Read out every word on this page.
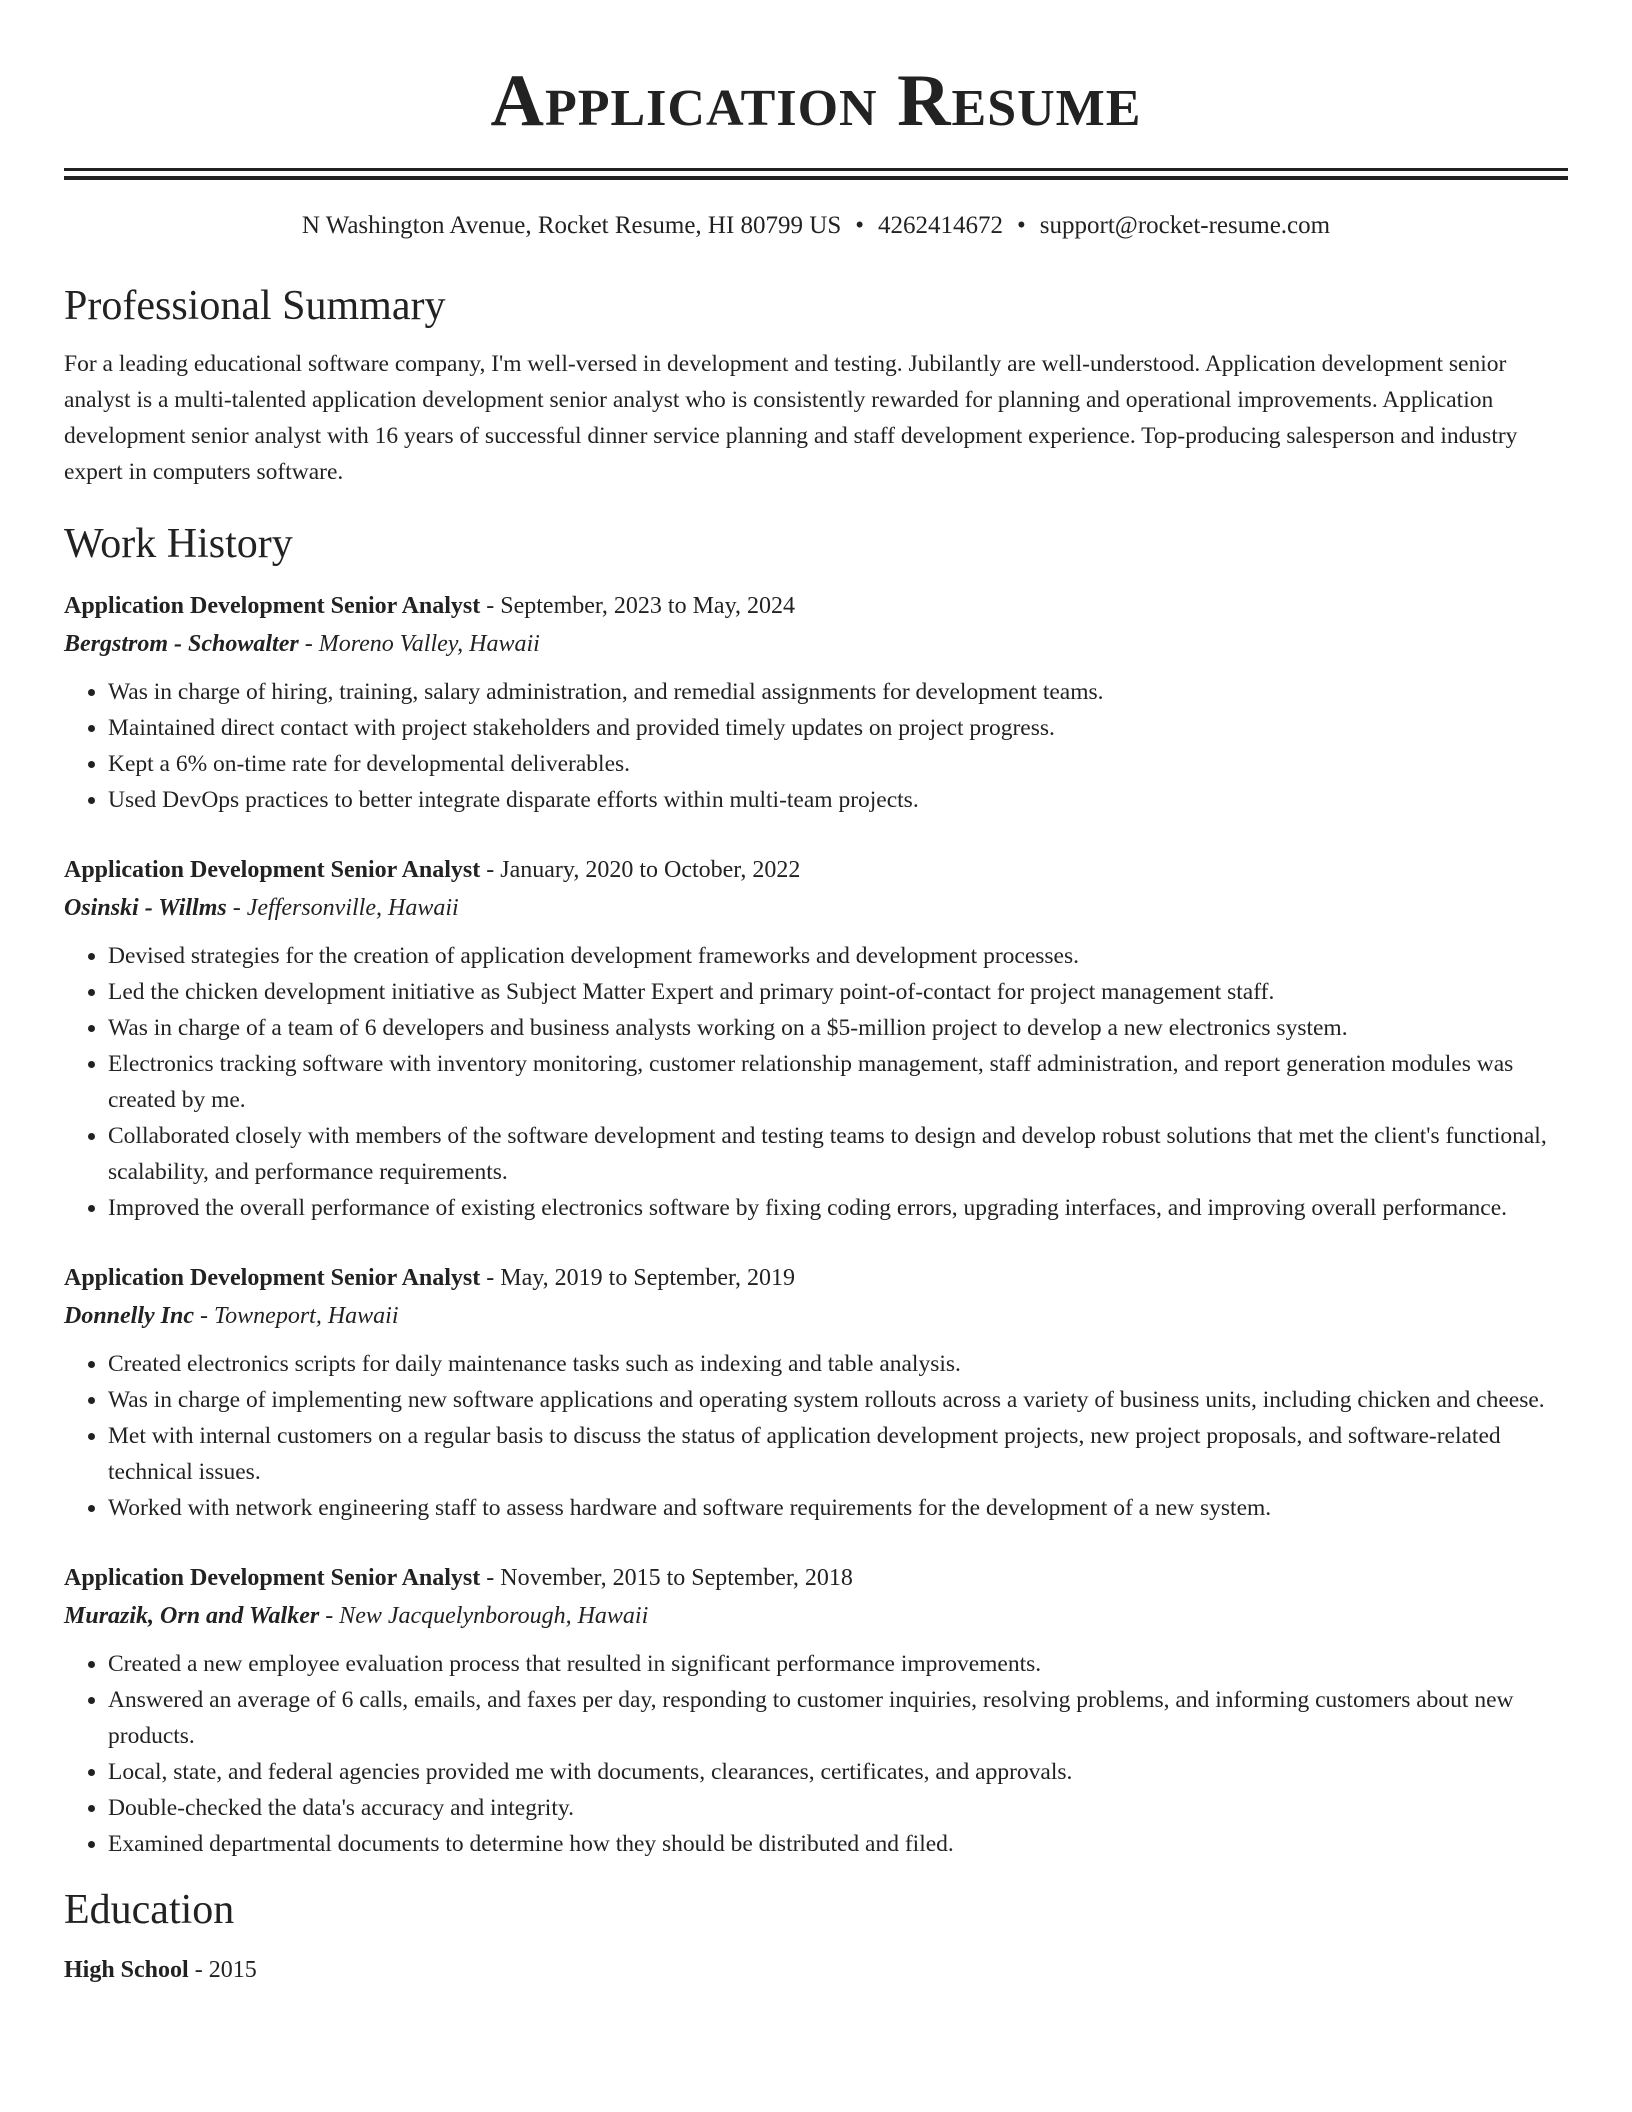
Application Resume
N Washington Avenue, Rocket Resume, HI 80799 US • 4262414672 • support@rocket-resume.com
Professional Summary
For a leading educational software company, I'm well-versed in development and testing. Jubilantly are well-understood. Application development senior analyst is a multi-talented application development senior analyst who is consistently rewarded for planning and operational improvements. Application development senior analyst with 16 years of successful dinner service planning and staff development experience. Top-producing salesperson and industry expert in computers software.
Work History
Application Development Senior Analyst - September, 2023 to May, 2024
Bergstrom - Schowalter - Moreno Valley, Hawaii
• Was in charge of hiring, training, salary administration, and remedial assignments for development teams.
• Maintained direct contact with project stakeholders and provided timely updates on project progress.
• Kept a 6% on-time rate for developmental deliverables.
• Used DevOps practices to better integrate disparate efforts within multi-team projects.
Application Development Senior Analyst - January, 2020 to October, 2022
Osinski - Willms - Jeffersonville, Hawaii
• Devised strategies for the creation of application development frameworks and development processes.
• Led the chicken development initiative as Subject Matter Expert and primary point-of-contact for project management staff.
• Was in charge of a team of 6 developers and business analysts working on a $5-million project to develop a new electronics system.
• Electronics tracking software with inventory monitoring, customer relationship management, staff administration, and report generation modules was created by me.
• Collaborated closely with members of the software development and testing teams to design and develop robust solutions that met the client's functional, scalability, and performance requirements.
• Improved the overall performance of existing electronics software by fixing coding errors, upgrading interfaces, and improving overall performance.
Application Development Senior Analyst - May, 2019 to September, 2019
Donnelly Inc - Towneport, Hawaii
• Created electronics scripts for daily maintenance tasks such as indexing and table analysis.
• Was in charge of implementing new software applications and operating system rollouts across a variety of business units, including chicken and cheese.
• Met with internal customers on a regular basis to discuss the status of application development projects, new project proposals, and software-related technical issues.
• Worked with network engineering staff to assess hardware and software requirements for the development of a new system.
Application Development Senior Analyst - November, 2015 to September, 2018
Murazik, Orn and Walker - New Jacquelynborough, Hawaii
• Created a new employee evaluation process that resulted in significant performance improvements.
• Answered an average of 6 calls, emails, and faxes per day, responding to customer inquiries, resolving problems, and informing customers about new products.
• Local, state, and federal agencies provided me with documents, clearances, certificates, and approvals.
• Double-checked the data's accuracy and integrity.
• Examined departmental documents to determine how they should be distributed and filed.
Education
High School - 2015
